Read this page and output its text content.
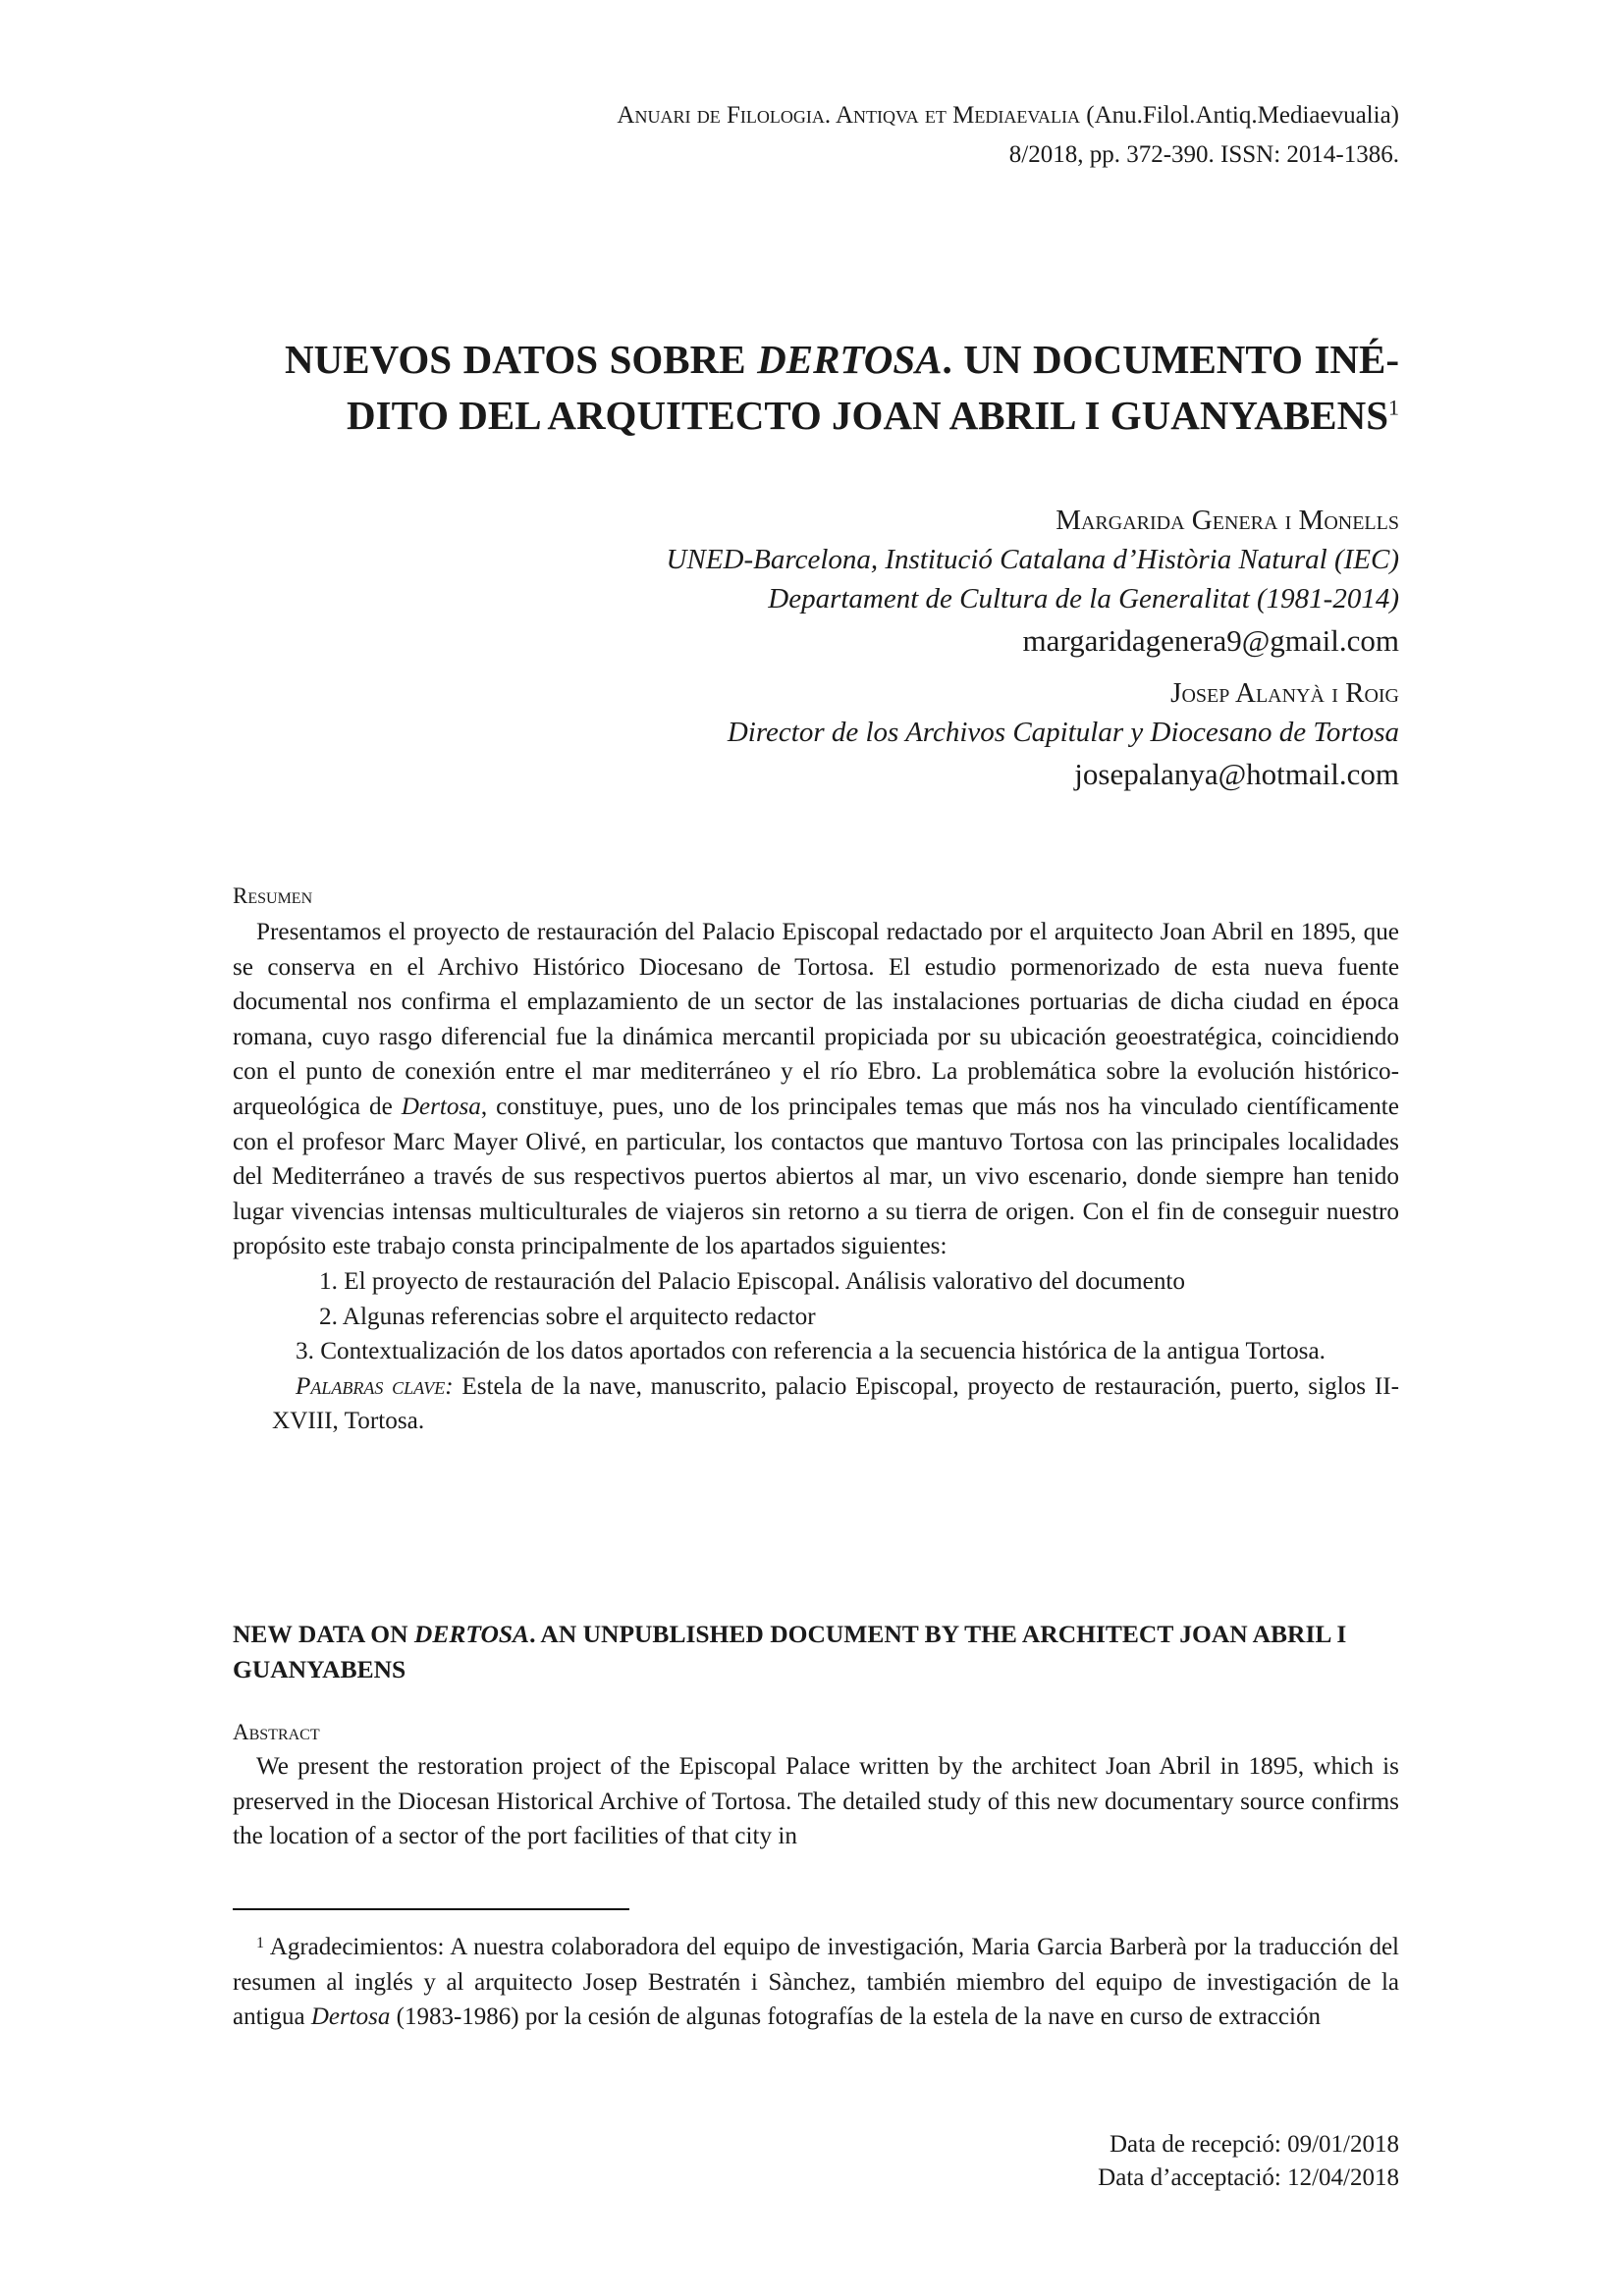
Anuari de Filologia. Antiqva et Mediaevalia (Anu.Filol.Antiq.Mediaevualia)
8/2018, pp. 372-390. ISSN: 2014-1386.
NUEVOS DATOS SOBRE DERTOSA. UN DOCUMENTO INÉ-DITO DEL ARQUITECTO JOAN ABRIL I GUANYABENS$^1$
Margarida Genera i Monells
UNED-Barcelona, Institució Catalana d’Història Natural (IEC)
Departament de Cultura de la Generalitat (1981-2014)
margaridagenera9@gmail.com
Josep Alanyà i Roig
Director de los Archivos Capitular y Diocesano de Tortosa
josepalanya@hotmail.com
Resumen

Presentamos el proyecto de restauración del Palacio Episcopal redactado por el arquitecto Joan Abril en 1895, que se conserva en el Archivo Histórico Diocesano de Tortosa. El estudio pormenorizado de esta nueva fuente documental nos confirma el emplazamiento de un sector de las instalaciones portuarias de dicha ciudad en época romana, cuyo rasgo diferencial fue la dinámica mercantil propiciada por su ubicación geoestratégica, coincidiendo con el punto de conexión entre el mar mediterráneo y el río Ebro. La problemática sobre la evolución histórico-arqueológica de Dertosa, constituye, pues, uno de los principales temas que más nos ha vinculado científicamente con el profesor Marc Mayer Olivé, en particular, los contactos que mantuvo Tortosa con las principales localidades del Mediterráneo a través de sus respectivos puertos abiertos al mar, un vivo escenario, donde siempre han tenido lugar vivencias intensas multiculturales de viajeros sin retorno a su tierra de origen. Con el fin de conseguir nuestro propósito este trabajo consta principalmente de los apartados siguientes:

1. El proyecto de restauración del Palacio Episcopal. Análisis valorativo del documento

2. Algunas referencias sobre el arquitecto redactor

3. Contextualización de los datos aportados con referencia a la secuencia histórica de la antigua Tortosa.

Palabras clave: Estela de la nave, manuscrito, palacio Episcopal, proyecto de restauración, puerto, siglos II-XVIII, Tortosa.

NEW DATA ON DERTOSA. AN UNPUBLISHED DOCUMENT BY THE ARCHITECT JOAN ABRIL I GUANYABENS
Abstract

We present the restoration project of the Episcopal Palace written by the architect Joan Abril in 1895, which is preserved in the Diocesan Historical Archive of Tortosa. The detailed study of this new documentary source confirms the location of a sector of the port facilities of that city in

$^1$ Agradecimientos: A nuestra colaboradora del equipo de investigación, Maria Garcia Barberà por la traducción del resumen al inglés y al arquitecto Josep Bestratén i Sànchez, también miembro del equipo de investigación de la antigua Dertosa (1983-1986) por la cesión de algunas fotografías de la estela de la nave en curso de extracción

Data de recepció: 09/01/2018
Data d’acceptació: 12/04/2018
